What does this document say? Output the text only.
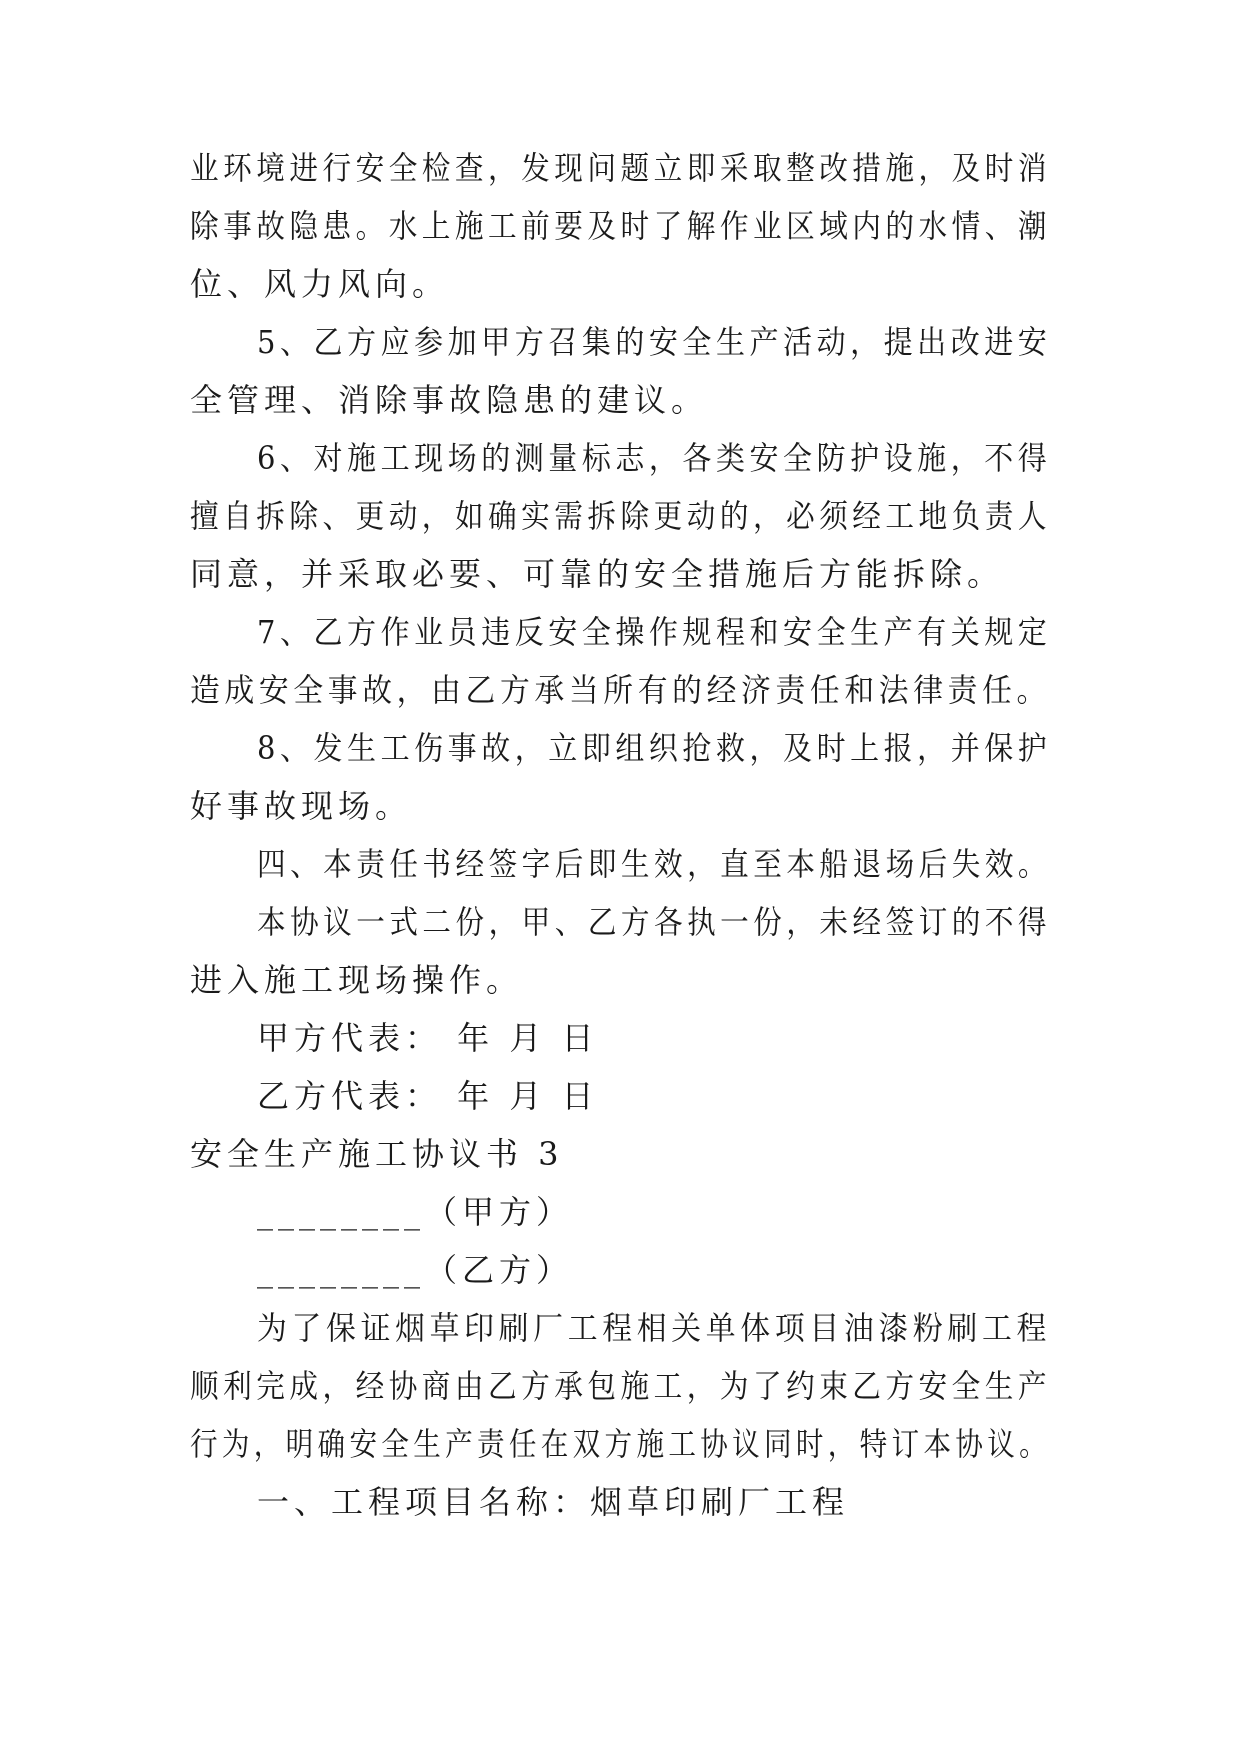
业环境进行安全检查，发现问题立即采取整改措施，及时消
除事故隐患。水上施工前要及时了解作业区域内的水情、潮
位、风力风向。
5、乙方应参加甲方召集的安全生产活动，提出改进安
全管理、消除事故隐患的建议。
6、对施工现场的测量标志，各类安全防护设施，不得
擅自拆除、更动，如确实需拆除更动的，必须经工地负责人
同意，并采取必要、可靠的安全措施后方能拆除。
7、乙方作业员违反安全操作规程和安全生产有关规定
造成安全事故，由乙方承当所有的经济责任和法律责任。
8、发生工伤事故，立即组织抢救，及时上报，并保护
好事故现场。
四、本责任书经签字后即生效，直至本船退场后失效。
本协议一式二份，甲、乙方各执一份，未经签订的不得
进入施工现场操作。
甲方代表： 年 月 日
乙方代表： 年 月 日
安全生产施工协议书 3
________（甲方）
________（乙方）
为了保证烟草印刷厂工程相关单体项目油漆粉刷工程
顺利完成，经协商由乙方承包施工，为了约束乙方安全生产
行为，明确安全生产责任在双方施工协议同时，特订本协议。
一、工程项目名称：烟草印刷厂工程
